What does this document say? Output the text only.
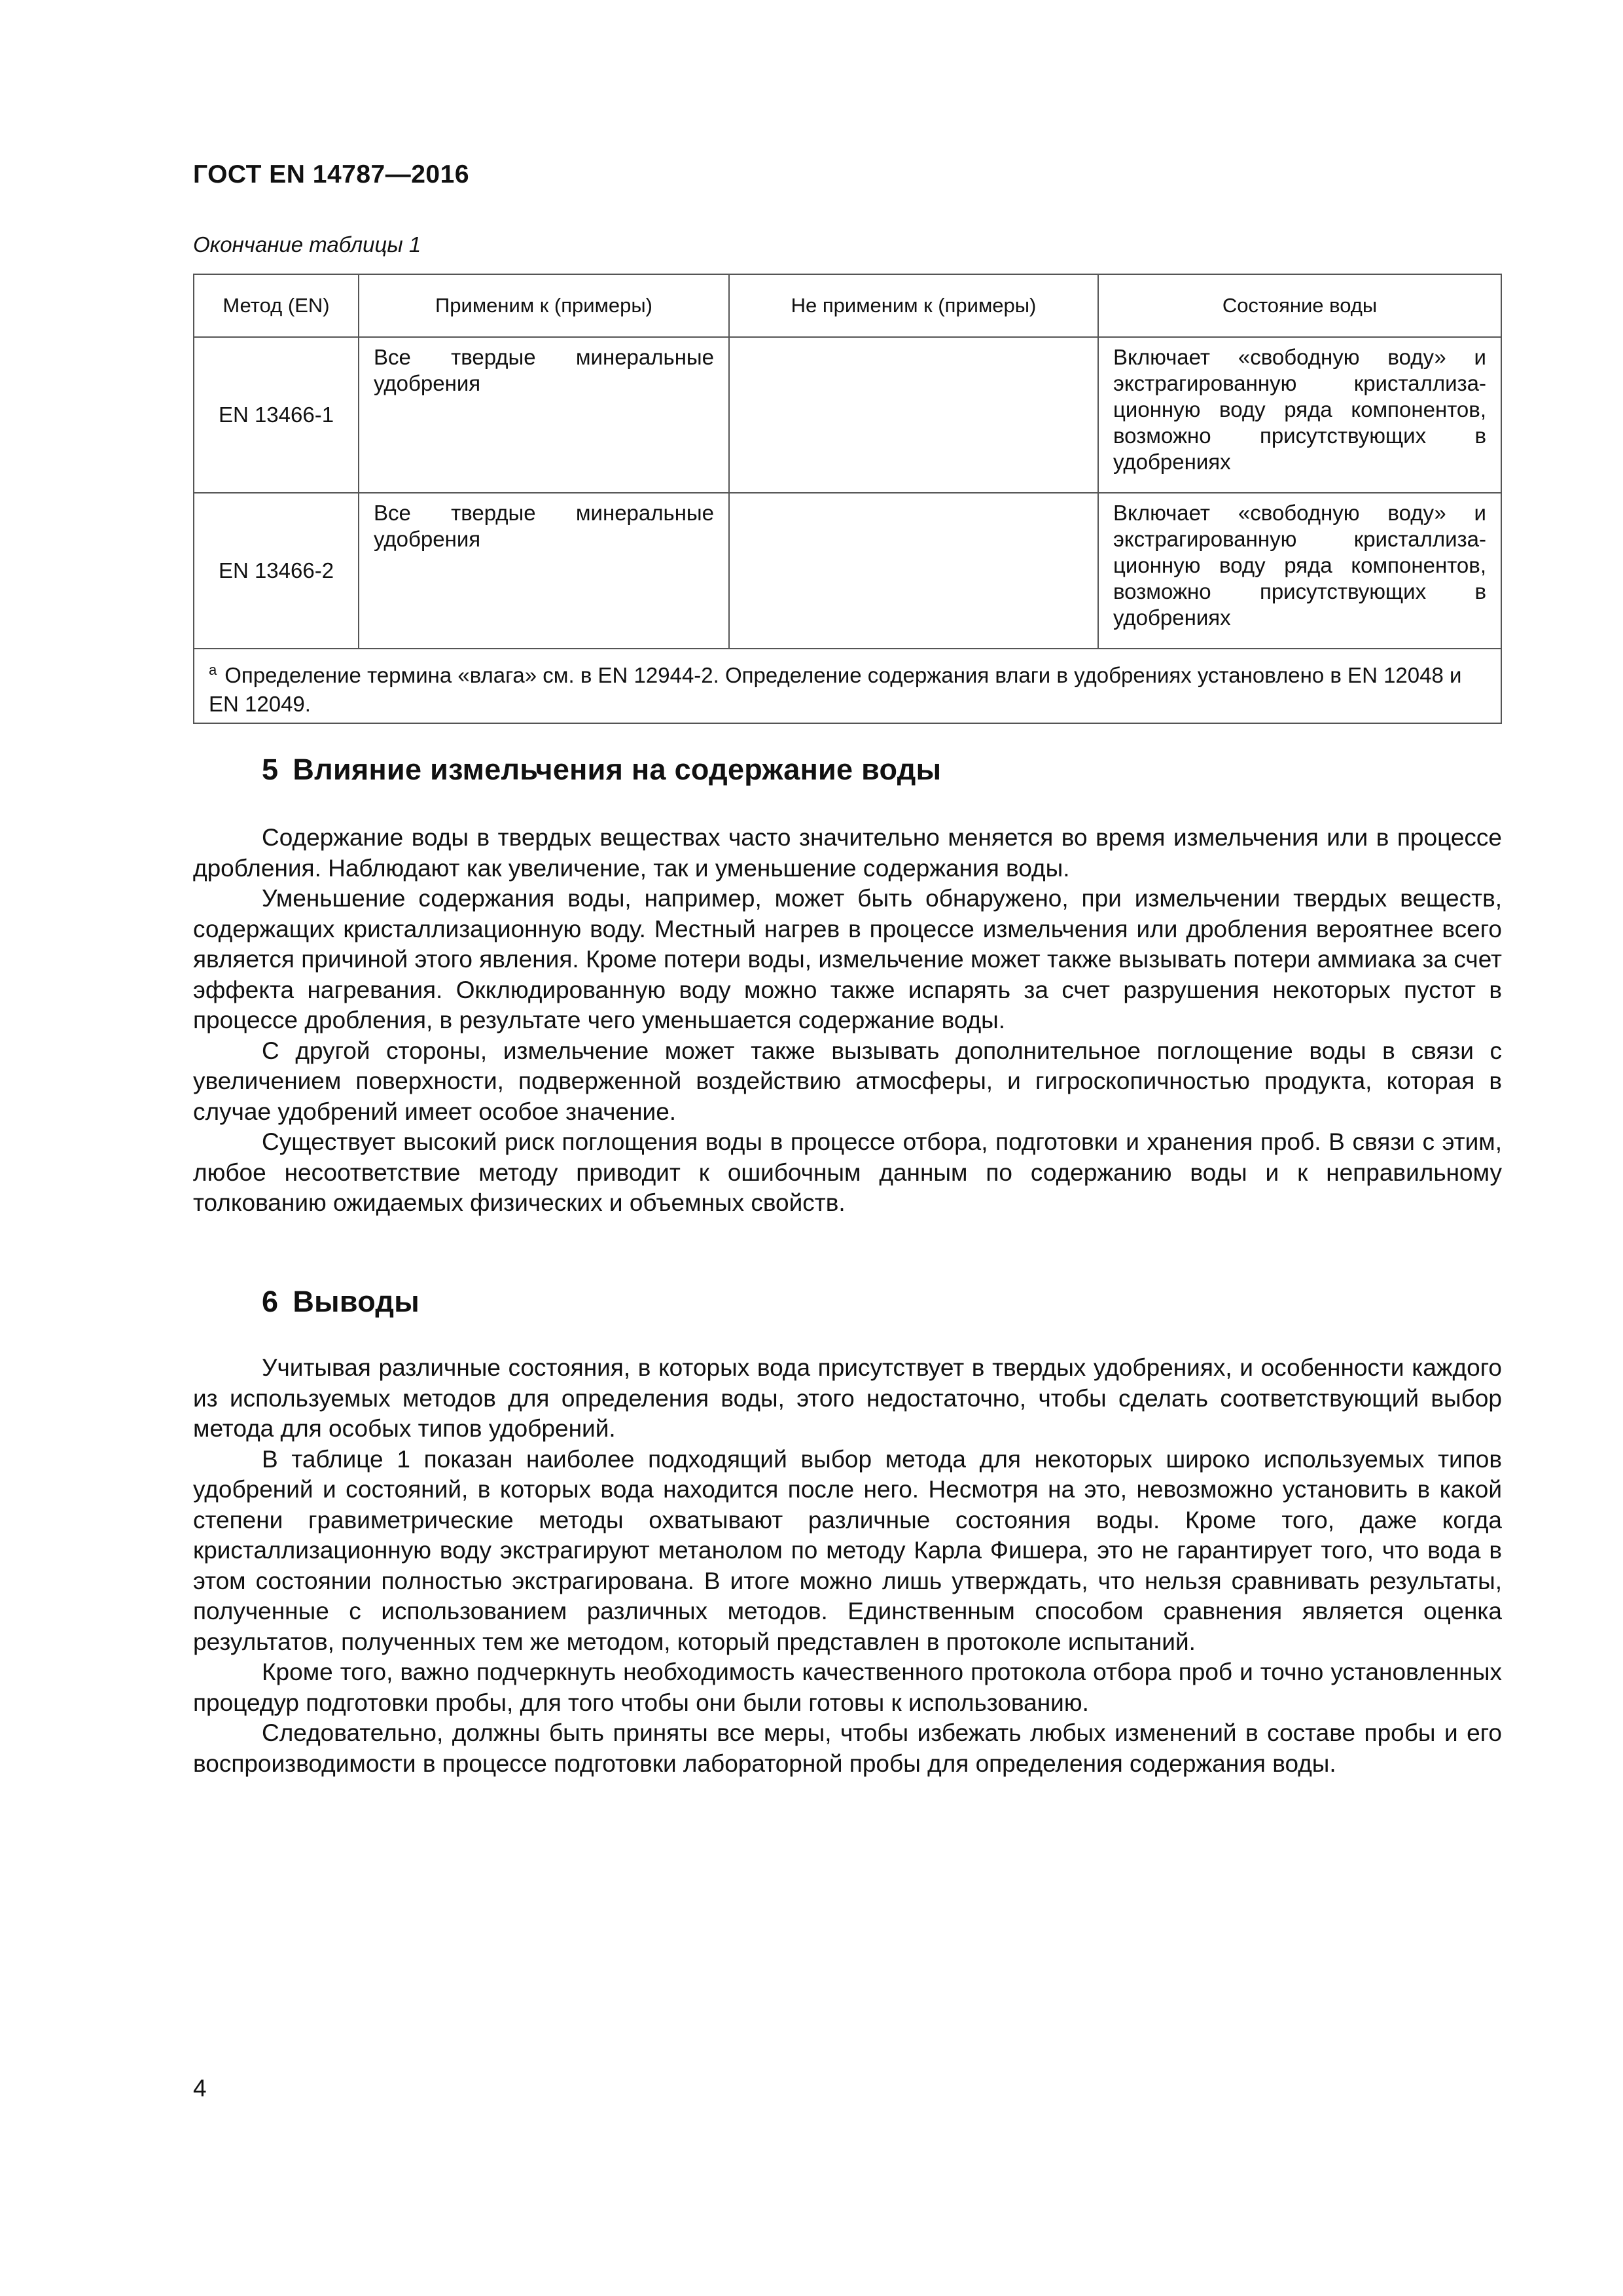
ГОСТ EN 14787—2016
Окончание таблицы 1
Метод (EN)	Применим к (примеры)	Не применим к (примеры)	Состояние воды
EN 13466-1	Все твердые минеральные удобрения		Включает «свободную воду» и экстрагированную кристаллиза-ционную воду ряда компонентов, возможно присутствующих в удобрениях
EN 13466-2	Все твердые минеральные удобрения		Включает «свободную воду» и экстрагированную кристаллиза-ционную воду ряда компонентов, возможно присутствующих в удобрениях
$^а$ Определение термина «влага» см. в EN 12944-2. Определение содержания влаги в удобрениях установлено в EN 12048 и EN 12049.			
5 Влияние измельчения на содержание воды

Содержание воды в твердых веществах часто значительно меняется во время измельчения или в процессе дробления. Наблюдают как увеличение, так и уменьшение содержания воды.

Уменьшение содержания воды, например, может быть обнаружено, при измельчении твердых веществ, содержащих кристаллизационную воду. Местный нагрев в процессе измельчения или дробления вероятнее всего является причиной этого явления. Кроме потери воды, измельчение может также вызывать потери аммиака за счет эффекта нагревания. Окклюдированную воду можно также испарять за счет разрушения некоторых пустот в процессе дробления, в результате чего уменьшается содержание воды.

С другой стороны, измельчение может также вызывать дополнительное поглощение воды в связи с увеличением поверхности, подверженной воздействию атмосферы, и гигроскопичностью продукта, которая в случае удобрений имеет особое значение.

Существует высокий риск поглощения воды в процессе отбора, подготовки и хранения проб. В связи с этим, любое несоответствие методу приводит к ошибочным данным по содержанию воды и к неправильному толкованию ожидаемых физических и объемных свойств.

6 Выводы

Учитывая различные состояния, в которых вода присутствует в твердых удобрениях, и особенности каждого из используемых методов для определения воды, этого недостаточно, чтобы сделать соответствующий выбор метода для особых типов удобрений.

В таблице 1 показан наиболее подходящий выбор метода для некоторых широко используемых типов удобрений и состояний, в которых вода находится после него. Несмотря на это, невозможно установить в какой степени гравиметрические методы охватывают различные состояния воды. Кроме того, даже когда кристаллизационную воду экстрагируют метанолом по методу Карла Фишера, это не гарантирует того, что вода в этом состоянии полностью экстрагирована. В итоге можно лишь утверждать, что нельзя сравнивать результаты, полученные с использованием различных методов. Единственным способом сравнения является оценка результатов, полученных тем же методом, который представлен в протоколе испытаний.

Кроме того, важно подчеркнуть необходимость качественного протокола отбора проб и точно установленных процедур подготовки пробы, для того чтобы они были готовы к использованию.

Следовательно, должны быть приняты все меры, чтобы избежать любых изменений в составе пробы и его воспроизводимости в процессе подготовки лабораторной пробы для определения содержания воды.

4
